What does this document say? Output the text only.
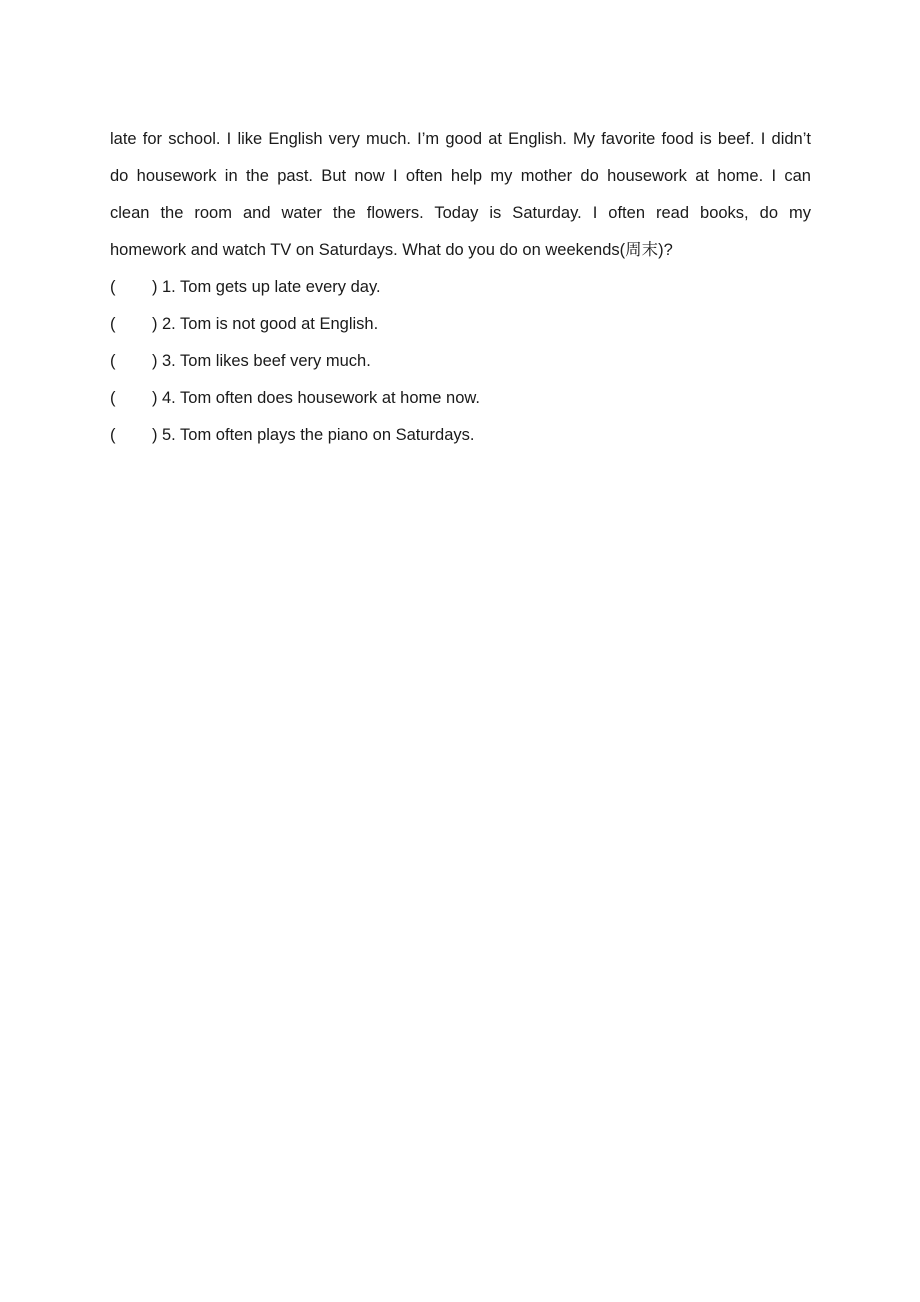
late for school. I like English very much. I’m good at English. My favorite food is beef. I didn’t
do housework in the past. But now I often help my mother do housework at home. I can
clean the room and water the flowers. Today is Saturday. I often read books, do my
homework and watch TV on Saturdays. What do you do on weekends(周末)?
( ) 1. Tom gets up late every day.
( ) 2. Tom is not good at English.
( ) 3. Tom likes beef very much.
( ) 4. Tom often does housework at home now.
( ) 5. Tom often plays the piano on Saturdays.
